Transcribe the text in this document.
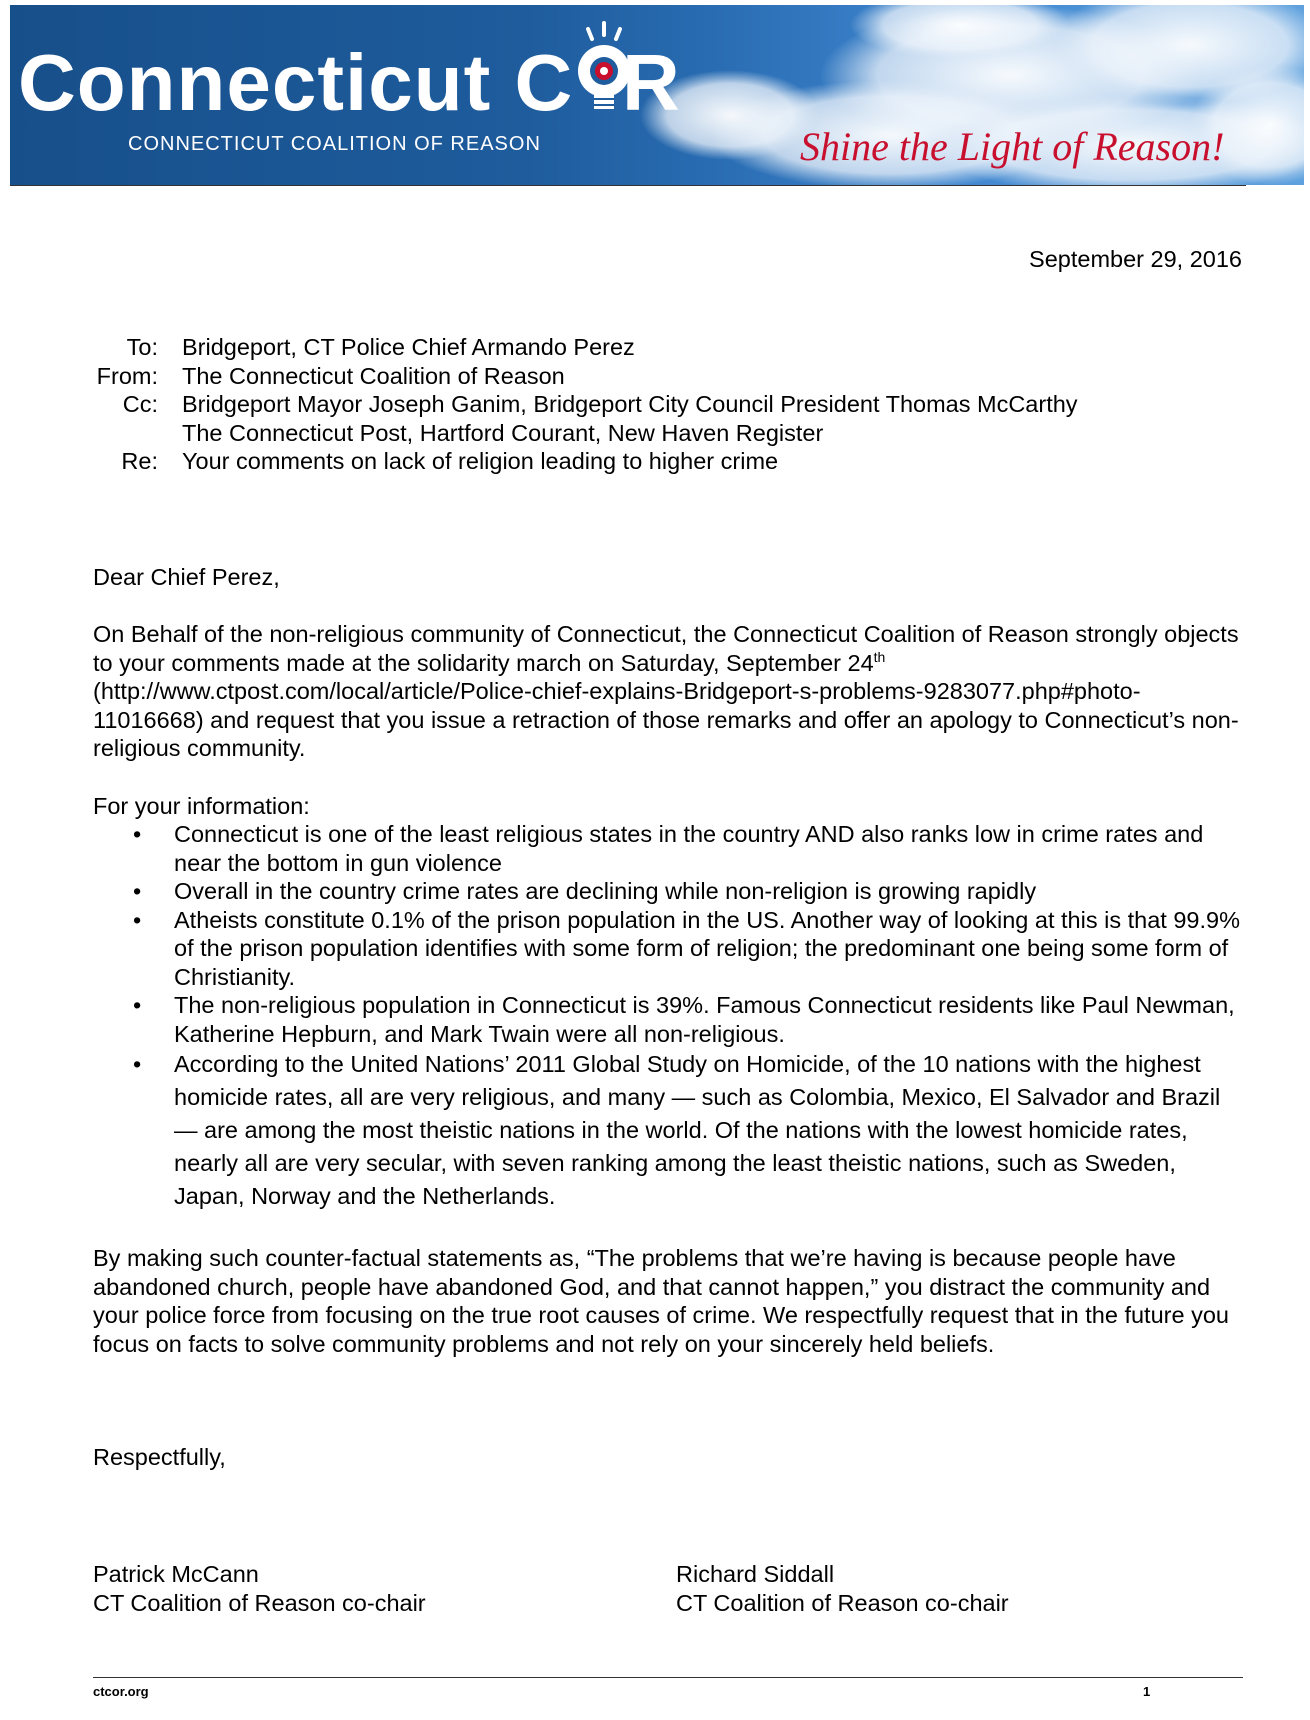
Connecticut C R
CONNECTICUT COALITION OF REASON	Shine the Light of Reason!
September 29, 2016
To:	Bridgeport, CT Police Chief Armando Perez
From:	The Connecticut Coalition of Reason
Cc:	Bridgeport Mayor Joseph Ganim, Bridgeport City Council President Thomas McCarthy
The Connecticut Post, Hartford Courant, New Haven Register
Re:	Your comments on lack of religion leading to higher crime
Dear Chief Perez,
On Behalf of the non-religious community of Connecticut, the Connecticut Coalition of Reason strongly objects to your comments made at the solidarity march on Saturday, September 24th
(http://www.ctpost.com/local/article/Police-chief-explains-Bridgeport-s-problems-9283077.php#photo-11016668) and request that you issue a retraction of those remarks and offer an apology to Connecticut’s non-religious community.
For your information:
• Connecticut is one of the least religious states in the country AND also ranks low in crime rates and near the bottom in gun violence
• Overall in the country crime rates are declining while non-religion is growing rapidly
• Atheists constitute 0.1% of the prison population in the US. Another way of looking at this is that 99.9% of the prison population identifies with some form of religion; the predominant one being some form of Christianity.
• The non-religious population in Connecticut is 39%. Famous Connecticut residents like Paul Newman, Katherine Hepburn, and Mark Twain were all non-religious.
• According to the United Nations’ 2011 Global Study on Homicide, of the 10 nations with the highest homicide rates, all are very religious, and many — such as Colombia, Mexico, El Salvador and Brazil — are among the most theistic nations in the world. Of the nations with the lowest homicide rates, nearly all are very secular, with seven ranking among the least theistic nations, such as Sweden, Japan, Norway and the Netherlands.
By making such counter-factual statements as, “The problems that we’re having is because people have abandoned church, people have abandoned God, and that cannot happen,” you distract the community and your police force from focusing on the true root causes of crime. We respectfully request that in the future you focus on facts to solve community problems and not rely on your sincerely held beliefs.
Respectfully,
Patrick McCann
CT Coalition of Reason co-chair
Richard Siddall
CT Coalition of Reason co-chair
ctcor.org	1
